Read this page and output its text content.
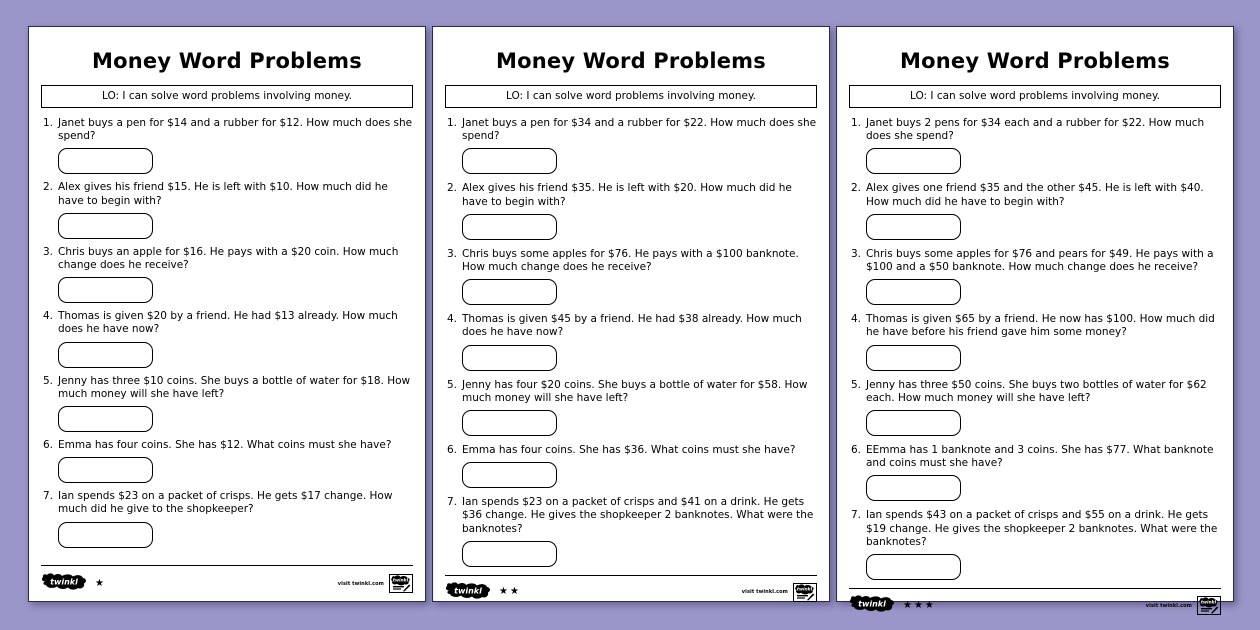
Money Word Problems
LO: I can solve word problems involving money.
1. Janet buys a pen for $14 and a rubber for $12. How much does she spend?
2. Alex gives his friend $15. He is left with $10. How much did he have to begin with?
3. Chris buys an apple for $16. He pays with a $20 coin. How much change does he receive?
4. Thomas is given $20 by a friend. He had $13 already. How much does he have now?
5. Jenny has three $10 coins. She buys a bottle of water for $18. How much money will she have left?
6. Emma has four coins. She has $12. What coins must she have?
7. Ian spends $23 on a packet of crisps. He gets $17 change. How much did he give to the shopkeeper?
twinkl ★	visit twinkl.com twinkl
Money Word Problems
LO: I can solve word problems involving money.
1. Janet buys a pen for $34 and a rubber for $22. How much does she spend?
2. Alex gives his friend $35. He is left with $20. How much did he have to begin with?
3. Chris buys some apples for $76. He pays with a $100 banknote. How much change does he receive?
4. Thomas is given $45 by a friend. He had $38 already. How much does he have now?
5. Jenny has four $20 coins. She buys a bottle of water for $58. How much money will she have left?
6. Emma has four coins. She has $36. What coins must she have?
7. Ian spends $23 on a packet of crisps and $41 on a drink. He gets $36 change. He gives the shopkeeper 2 banknotes. What were the banknotes?
twinkl ★★	visit twinkl.com twinkl
Money Word Problems
LO: I can solve word problems involving money.
1. Janet buys 2 pens for $34 each and a rubber for $22. How much does she spend?
2. Alex gives one friend $35 and the other $45. He is left with $40. How much did he have to begin with?
3. Chris buys some apples for $76 and pears for $49. He pays with a $100 and a $50 banknote. How much change does he receive?
4. Thomas is given $65 by a friend. He now has $100. How much did he have before his friend gave him some money?
5. Jenny has three $50 coins. She buys two bottles of water for $62 each. How much money will she have left?
6. EEmma has 1 banknote and 3 coins. She has $77. What banknote and coins must she have?
7. Ian spends $43 on a packet of crisps and $55 on a drink. He gets $19 change. He gives the shopkeeper 2 banknotes. What were the banknotes?
twinkl ★★★	visit twinkl.com twinkl
